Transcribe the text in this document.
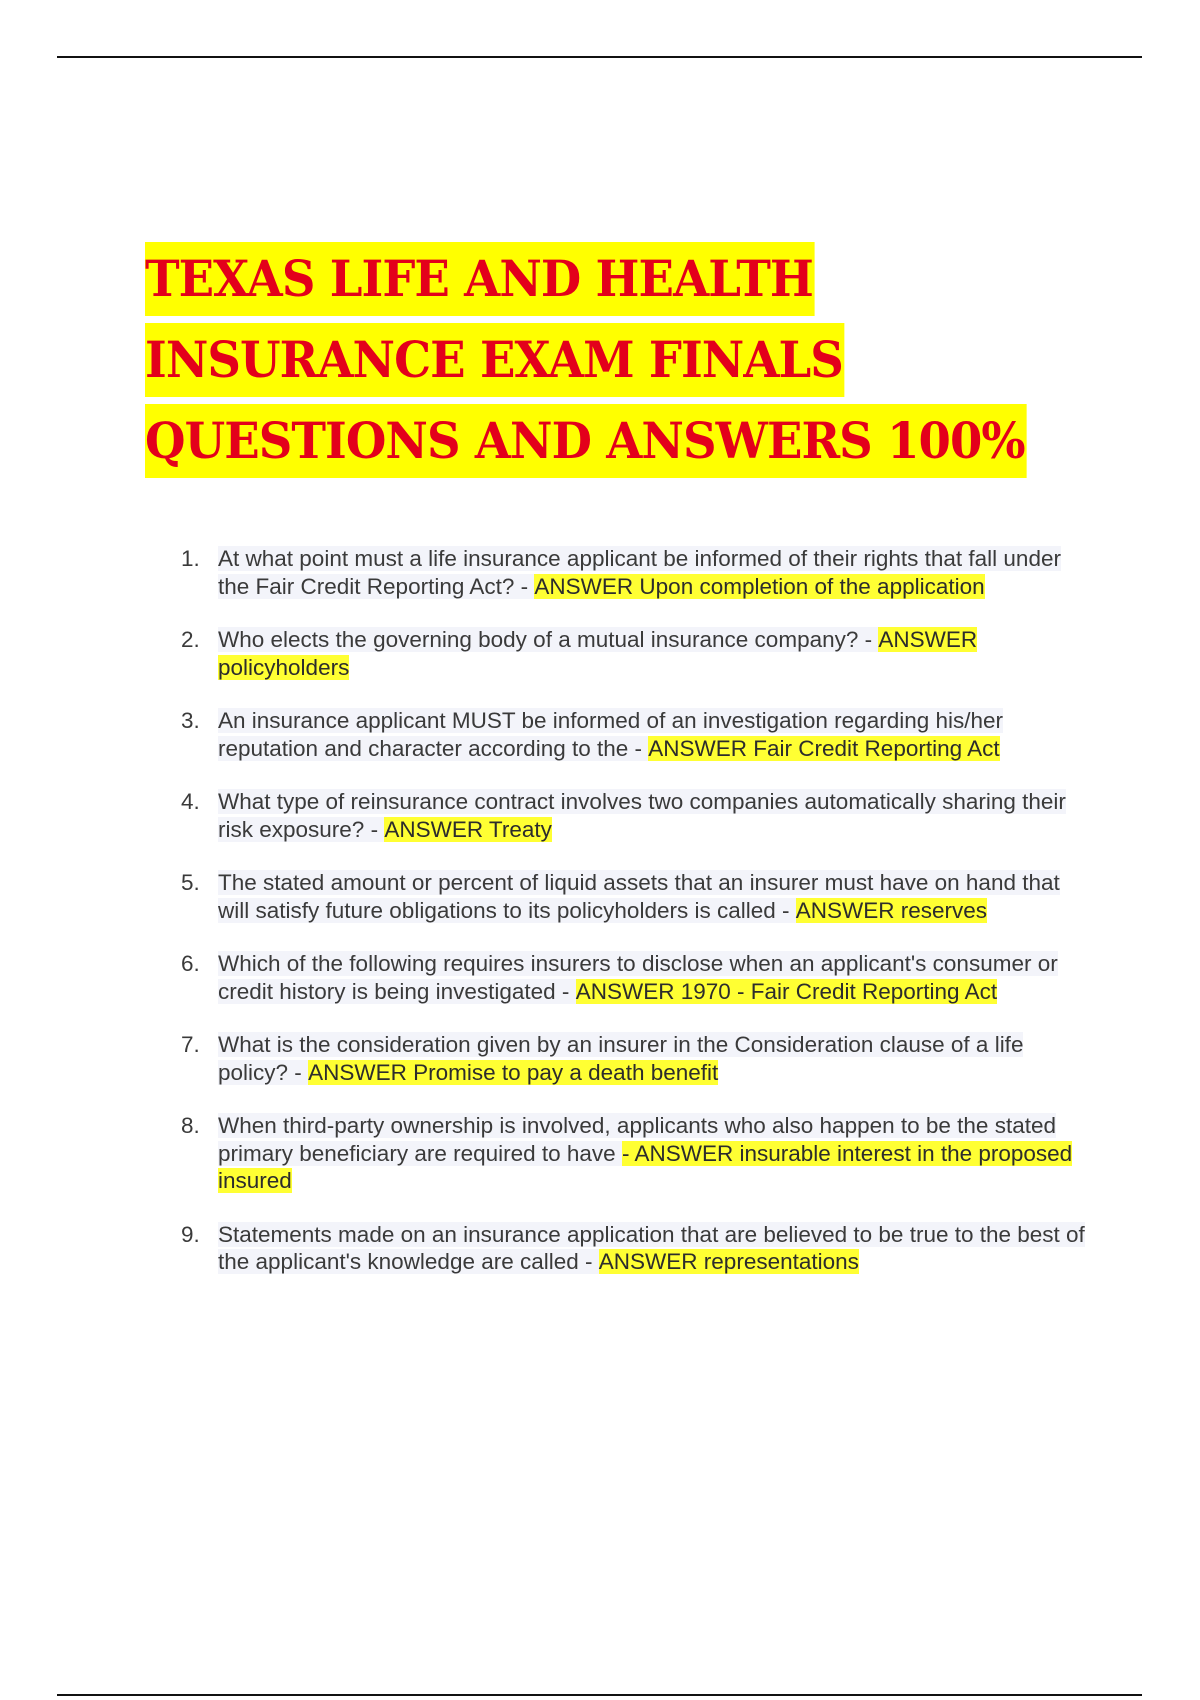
TEXAS LIFE AND HEALTH
INSURANCE EXAM FINALS
QUESTIONS AND ANSWERS 100%
1. At what point must a life insurance applicant be informed of their rights that fall under the Fair Credit Reporting Act? - ANSWER Upon completion of the application
2. Who elects the governing body of a mutual insurance company? - ANSWER policyholders
3. An insurance applicant MUST be informed of an investigation regarding his/her reputation and character according to the - ANSWER Fair Credit Reporting Act
4. What type of reinsurance contract involves two companies automatically sharing their risk exposure? - ANSWER Treaty
5. The stated amount or percent of liquid assets that an insurer must have on hand that will satisfy future obligations to its policyholders is called - ANSWER reserves
6. Which of the following requires insurers to disclose when an applicant's consumer or credit history is being investigated - ANSWER 1970 - Fair Credit Reporting Act
7. What is the consideration given by an insurer in the Consideration clause of a life policy? - ANSWER Promise to pay a death benefit
8. When third-party ownership is involved, applicants who also happen to be the stated primary beneficiary are required to have - ANSWER insurable interest in the proposed insured
9. Statements made on an insurance application that are believed to be true to the best of the applicant's knowledge are called - ANSWER representations
